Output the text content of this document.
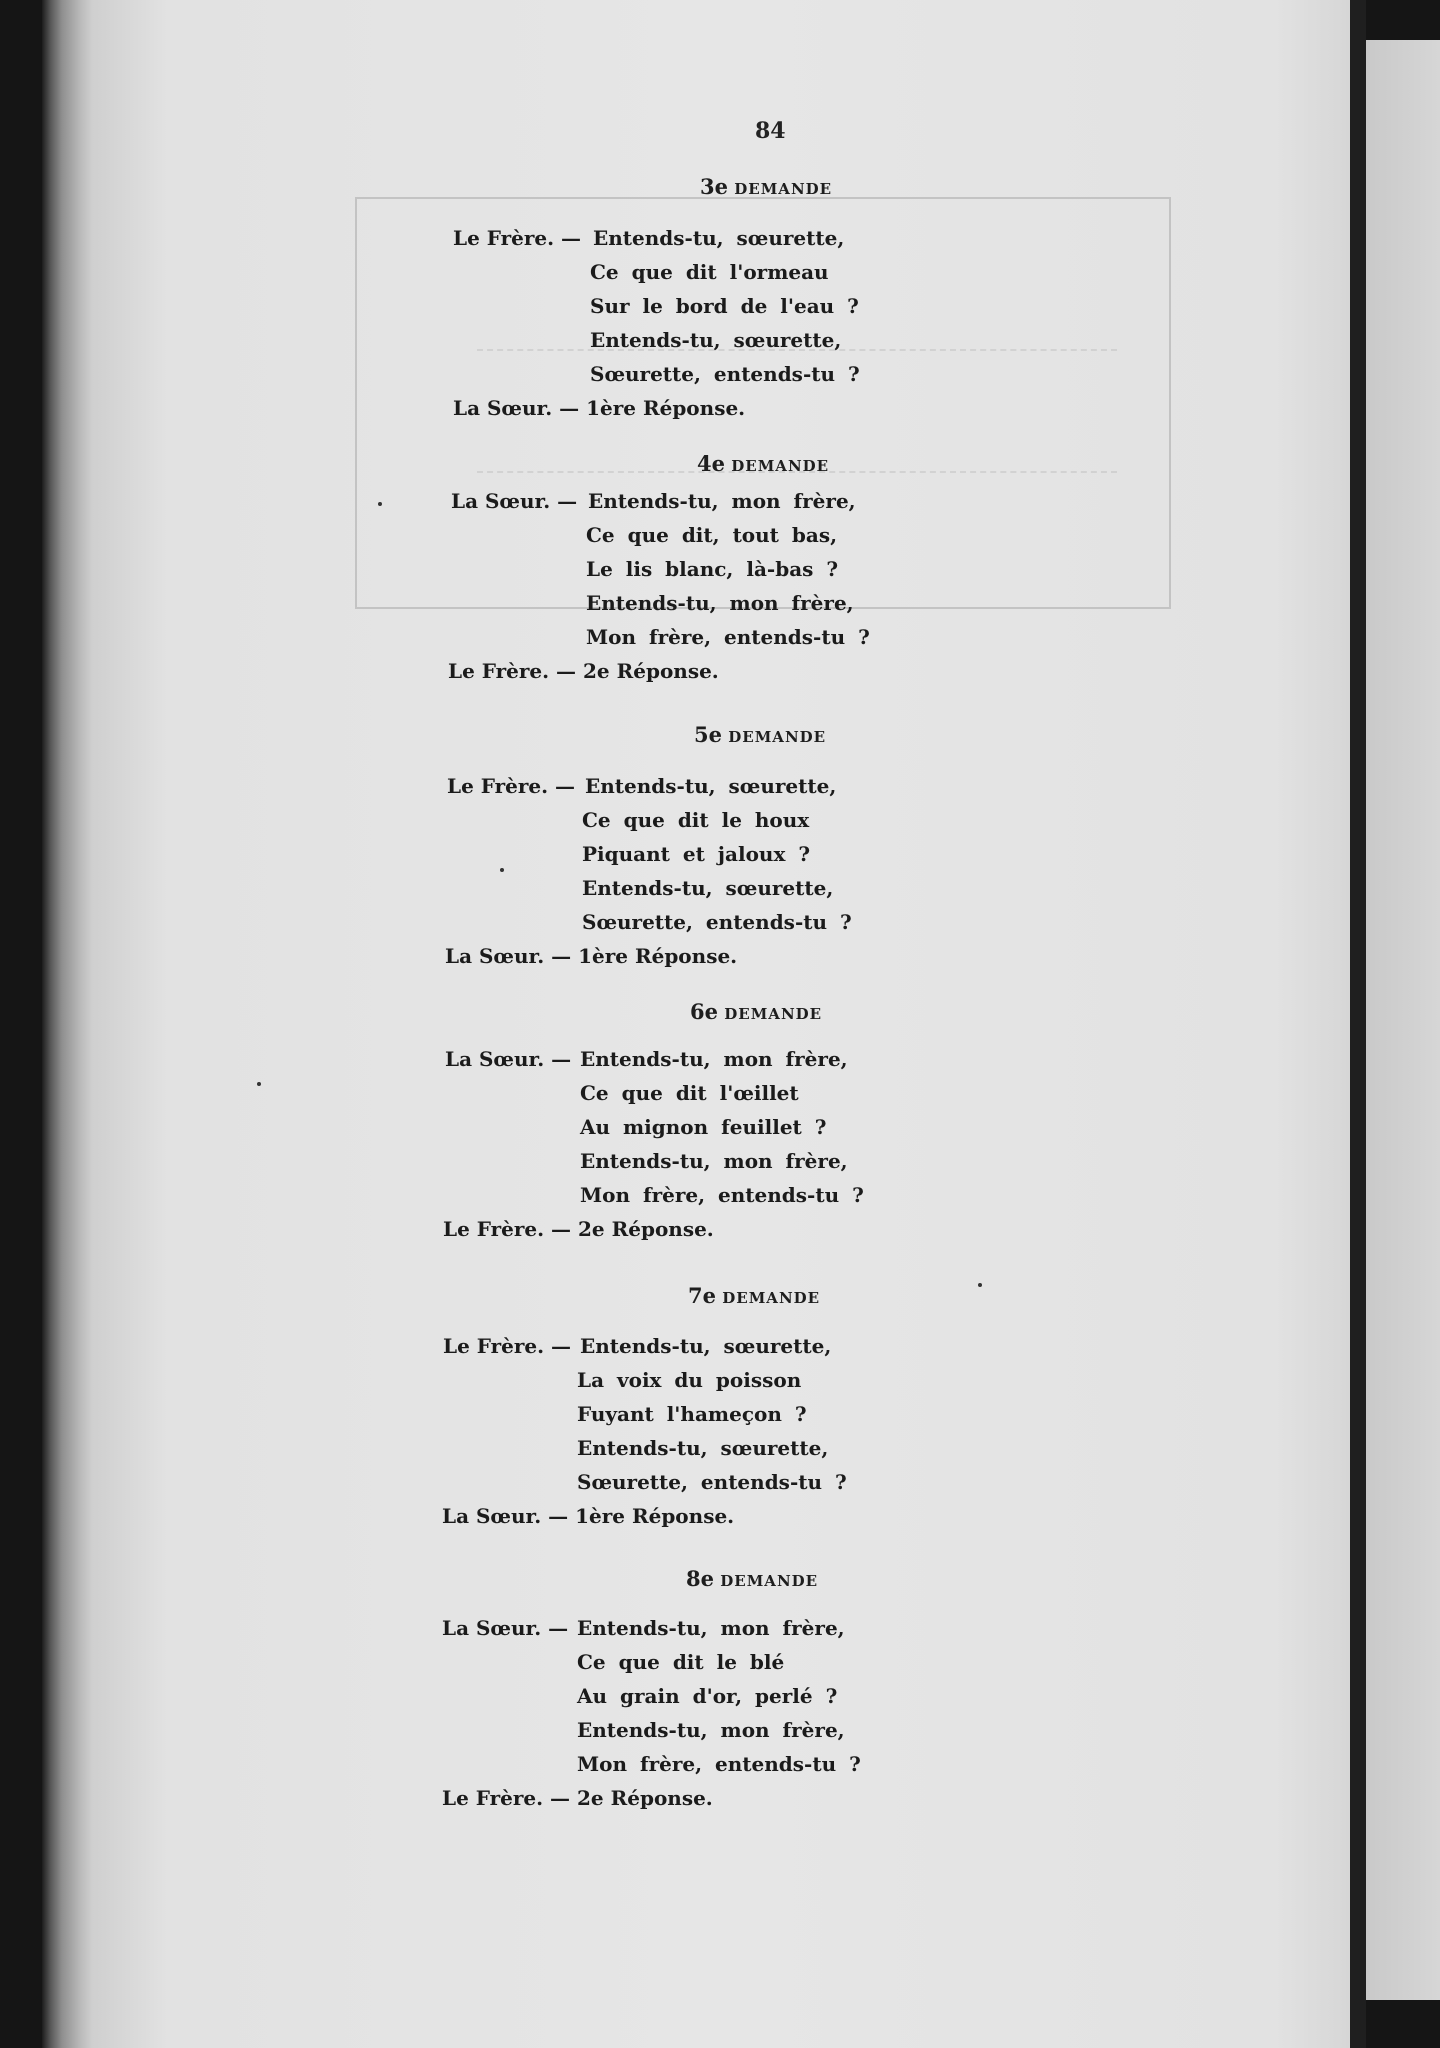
84
3e DEMANDE
Le Frère. — Entends-tu, sœurette,
Ce que dit l'ormeau
Sur le bord de l'eau ?
Entends-tu, sœurette,
Sœurette, entends-tu ?
La Sœur. — 1ère Réponse.
4e DEMANDE
La Sœur. — Entends-tu, mon frère,
Ce que dit, tout bas,
Le lis blanc, là-bas ?
Entends-tu, mon frère,
Mon frère, entends-tu ?
Le Frère. — 2e Réponse.
5e DEMANDE
Le Frère. — Entends-tu, sœurette,
Ce que dit le houx
Piquant et jaloux ?
Entends-tu, sœurette,
Sœurette, entends-tu ?
La Sœur. — 1ère Réponse.
6e DEMANDE
La Sœur. — Entends-tu, mon frère,
Ce que dit l'œillet
Au mignon feuillet ?
Entends-tu, mon frère,
Mon frère, entends-tu ?
Le Frère. — 2e Réponse.
7e DEMANDE
Le Frère. — Entends-tu, sœurette,
La voix du poisson
Fuyant l'hameçon ?
Entends-tu, sœurette,
Sœurette, entends-tu ?
La Sœur. — 1ère Réponse.
8e DEMANDE
La Sœur. — Entends-tu, mon frère,
Ce que dit le blé
Au grain d'or, perlé ?
Entends-tu, mon frère,
Mon frère, entends-tu ?
Le Frère. — 2e Réponse.
